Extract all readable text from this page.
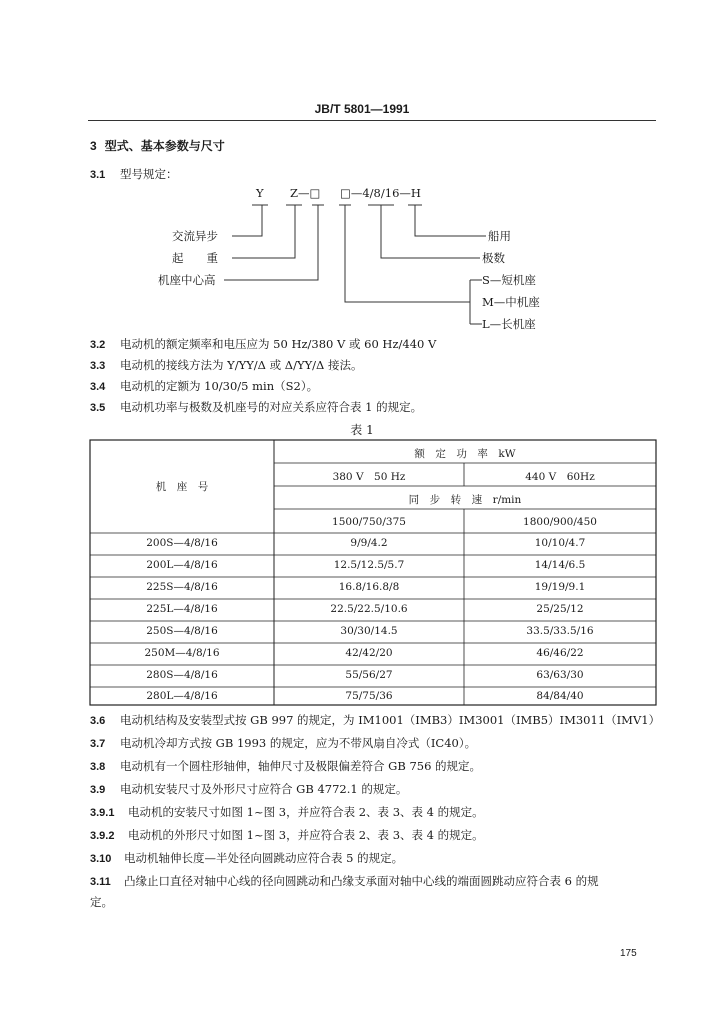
JB/T 5801—1991
3 型式、基本参数与尺寸
3.1 型号规定：
Y Z—□ □—4/8/16—H
交流异步
起　　重
机座中心高
船用
极数
S—短机座
M—中机座
L—长机座
3.2 电动机的额定频率和电压应为 50 Hz/380 V 或 60 Hz/440 V
3.3 电动机的接线方法为 Y/YY/Δ 或 Δ/YY/Δ 接法。
3.4 电动机的定额为 10/30/5 min（S2）。
3.5 电动机功率与极数及机座号的对应关系应符合表 1 的规定。
表 1
机　座　号
额　定　功　率　kW
380 V　50 Hz	440 V　60Hz
同　步　转　速　r/min
1500/750/375	1800/900/450
200S—4/8/16	9/9/4.2	10/10/4.7
200L—4/8/16	12.5/12.5/5.7	14/14/6.5
225S—4/8/16	16.8/16.8/8	19/19/9.1
225L—4/8/16	22.5/22.5/10.6	25/25/12
250S—4/8/16	30/30/14.5	33.5/33.5/16
250M—4/8/16	42/42/20	46/46/22
280S—4/8/16	55/56/27	63/63/30
280L—4/8/16	75/75/36	84/84/40
3.6 电动机结构及安装型式按 GB 997 的规定，为 IM1001（IMB3）IM3001（IMB5）IM3011（IMV1）
3.7 电动机冷却方式按 GB 1993 的规定，应为不带风扇自冷式（IC40）。
3.8 电动机有一个圆柱形轴伸，轴伸尺寸及极限偏差符合 GB 756 的规定。
3.9 电动机安装尺寸及外形尺寸应符合 GB 4772.1 的规定。
3.9.1 电动机的安装尺寸如图 1~图 3，并应符合表 2、表 3、表 4 的规定。
3.9.2 电动机的外形尺寸如图 1~图 3，并应符合表 2、表 3、表 4 的规定。
3.10 电动机轴伸长度—半处径向圆跳动应符合表 5 的规定。
3.11 凸缘止口直径对轴中心线的径向圆跳动和凸缘支承面对轴中心线的端面圆跳动应符合表 6 的规
定。
175
